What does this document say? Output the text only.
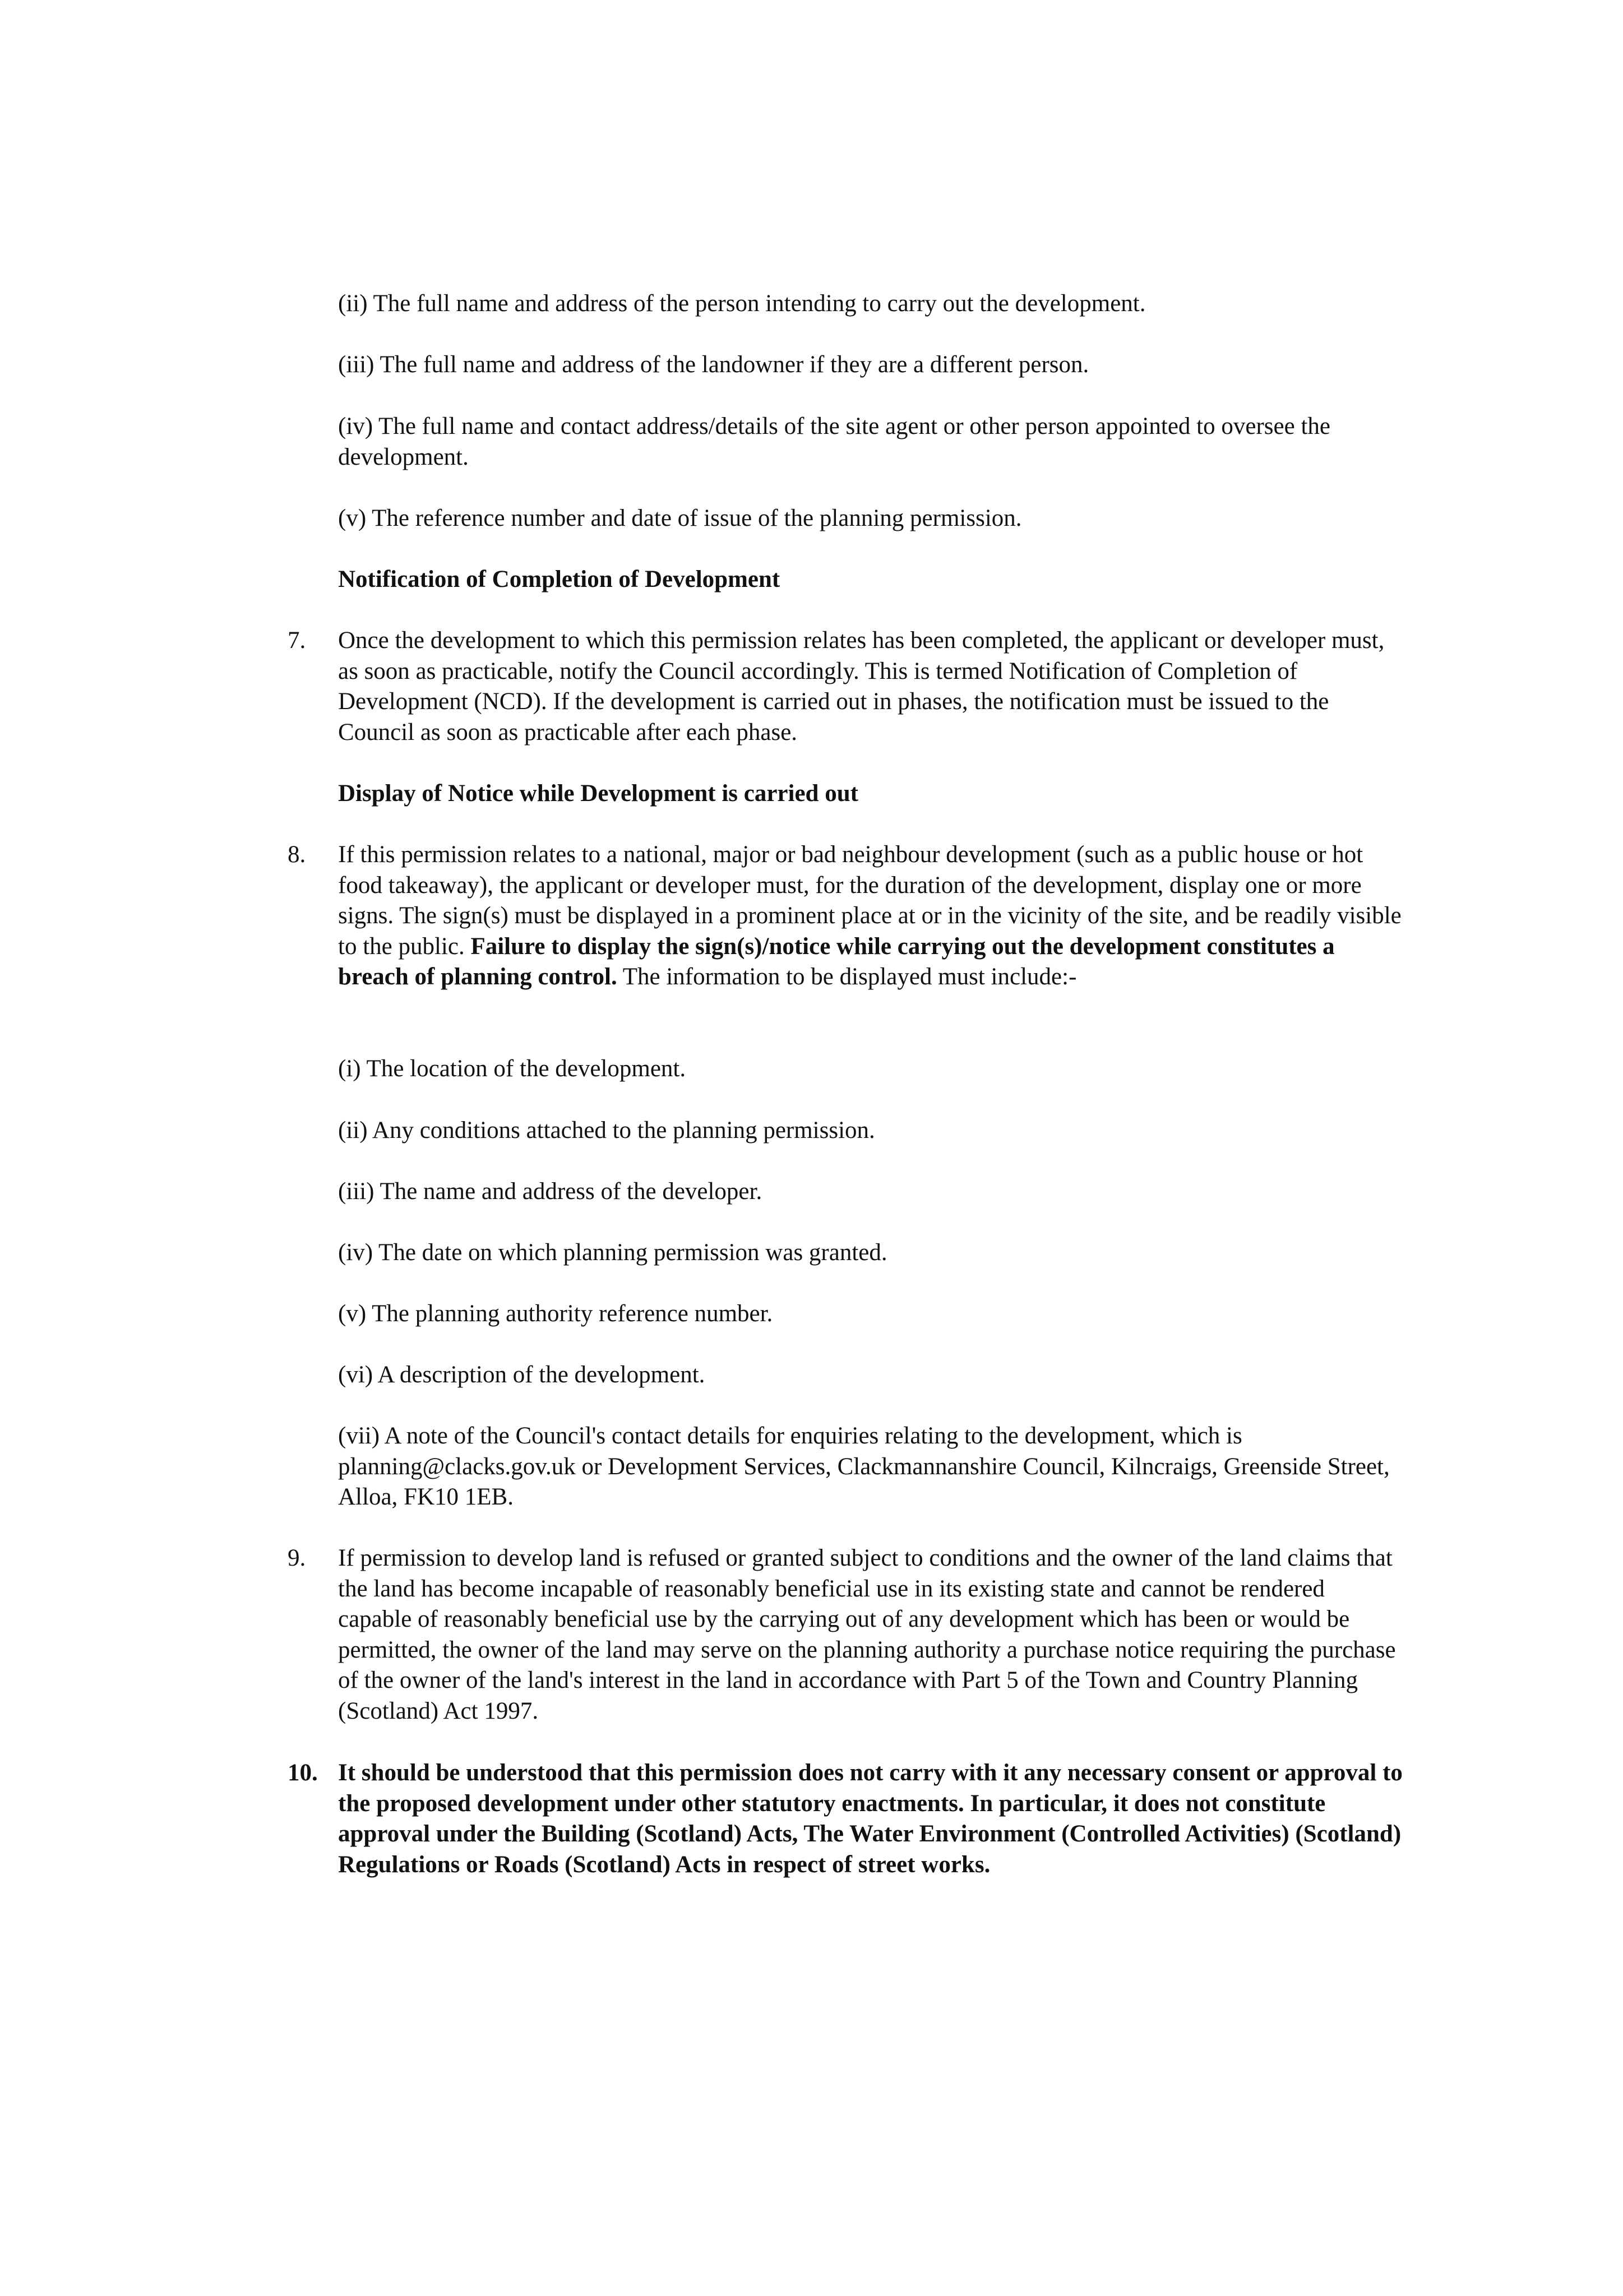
(ii) The full name and address of the person intending to carry out the development.

(iii) The full name and address of the landowner if they are a different person.

(iv) The full name and contact address/details of the site agent or other person appointed to oversee the development.

(v) The reference number and date of issue of the planning permission.

Notification of Completion of Development

7. Once the development to which this permission relates has been completed, the applicant or developer must, as soon as practicable, notify the Council accordingly. This is termed Notification of Completion of Development (NCD). If the development is carried out in phases, the notification must be issued to the Council as soon as practicable after each phase.

Display of Notice while Development is carried out

8. If this permission relates to a national, major or bad neighbour development (such as a public house or hot food takeaway), the applicant or developer must, for the duration of the development, display one or more signs. The sign(s) must be displayed in a prominent place at or in the vicinity of the site, and be readily visible to the public. Failure to display the sign(s)/notice while carrying out the development constitutes a breach of planning control. The information to be displayed must include:-

(i) The location of the development.

(ii) Any conditions attached to the planning permission.

(iii) The name and address of the developer.

(iv) The date on which planning permission was granted.

(v) The planning authority reference number.

(vi) A description of the development.

(vii) A note of the Council's contact details for enquiries relating to the development, which is planning@clacks.gov.uk or Development Services, Clackmannanshire Council, Kilncraigs, Greenside Street, Alloa, FK10 1EB.

9. If permission to develop land is refused or granted subject to conditions and the owner of the land claims that the land has become incapable of reasonably beneficial use in its existing state and cannot be rendered capable of reasonably beneficial use by the carrying out of any development which has been or would be permitted, the owner of the land may serve on the planning authority a purchase notice requiring the purchase of the owner of the land's interest in the land in accordance with Part 5 of the Town and Country Planning (Scotland) Act 1997.

10. It should be understood that this permission does not carry with it any necessary consent or approval to the proposed development under other statutory enactments. In particular, it does not constitute approval under the Building (Scotland) Acts, The Water Environment (Controlled Activities) (Scotland) Regulations or Roads (Scotland) Acts in respect of street works.
